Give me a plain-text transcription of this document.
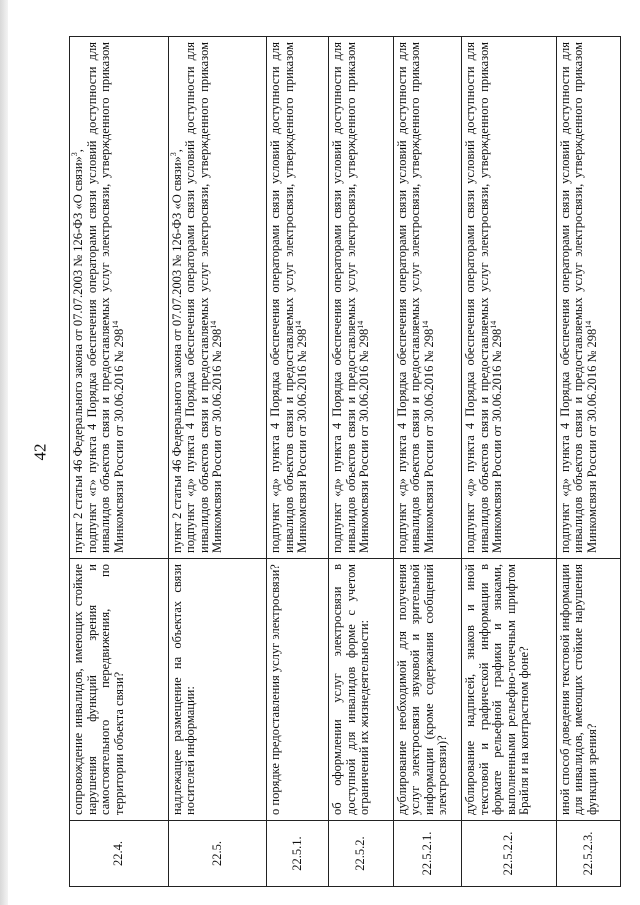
42
22.4.	сопровождение инвалидов, имеющих стойкие нарушения функций зрения и самостоятельного передвижения, по территории объекта связи?	пункт 2 статьи 46 Федерального закона от 07.07.2003 № 126-ФЗ «О связи»$^3$, подпункт «г» пункта 4 Порядка обеспечения операторами связи условий доступности для инвалидов объектов связи и предоставляемых услуг электросвязи, утвержденного приказом Минкомсвязи России от 30.06.2016 № $298^{14}$

22.5.	надлежащее размещение на объектах связи носителей информации:	пункт 2 статьи 46 Федерального закона от 07.07.2003 № 126-ФЗ «О связи»$^3$, подпункт «д» пункта 4 Порядка обеспечения операторами связи условий доступности для инвалидов объектов связи и предоставляемых услуг электросвязи, утвержденного приказом Минкомсвязи России от 30.06.2016 № $298^{14}$

22.5.1.	о порядке предоставления услуг электросвязи?	подпункт «д» пункта 4 Порядка обеспечения операторами связи условий доступности для инвалидов объектов связи и предоставляемых услуг электросвязи, утвержденного приказом Минкомсвязи России от 30.06.2016 № $298^{14}$

22.5.2.	об оформлении услуг электросвязи в доступной для инвалидов форме с учетом ограничений их жизнедеятельности:	подпункт «д» пункта 4 Порядка обеспечения операторами связи условий доступности для инвалидов объектов связи и предоставляемых услуг электросвязи, утвержденного приказом Минкомсвязи России от 30.06.2016 № $298^{14}$

22.5.2.1.	дублирование необходимой для получения услуг электросвязи звуковой и зрительной информации (кроме содержания сообщений электросвязи)?	подпункт «д» пункта 4 Порядка обеспечения операторами связи условий доступности для инвалидов объектов связи и предоставляемых услуг электросвязи, утвержденного приказом Минкомсвязи России от 30.06.2016 № $298^{14}$

22.5.2.2.	дублирование надписей, знаков и иной текстовой и графической информации в формате рельефной графики и знаками, выполненными рельефно-точечным шрифтом Брайля и на контрастном фоне?	подпункт «д» пункта 4 Порядка обеспечения операторами связи условий доступности для инвалидов объектов связи и предоставляемых услуг электросвязи, утвержденного приказом Минкомсвязи России от 30.06.2016 № $298^{14}$

22.5.2.3.	иной способ доведения текстовой информации для инвалидов, имеющих стойкие нарушения функции зрения?	подпункт «д» пункта 4 Порядка обеспечения операторами связи условий доступности для инвалидов объектов связи и предоставляемых услуг электросвязи, утвержденного приказом Минкомсвязи России от 30.06.2016 № $298^{14}$
